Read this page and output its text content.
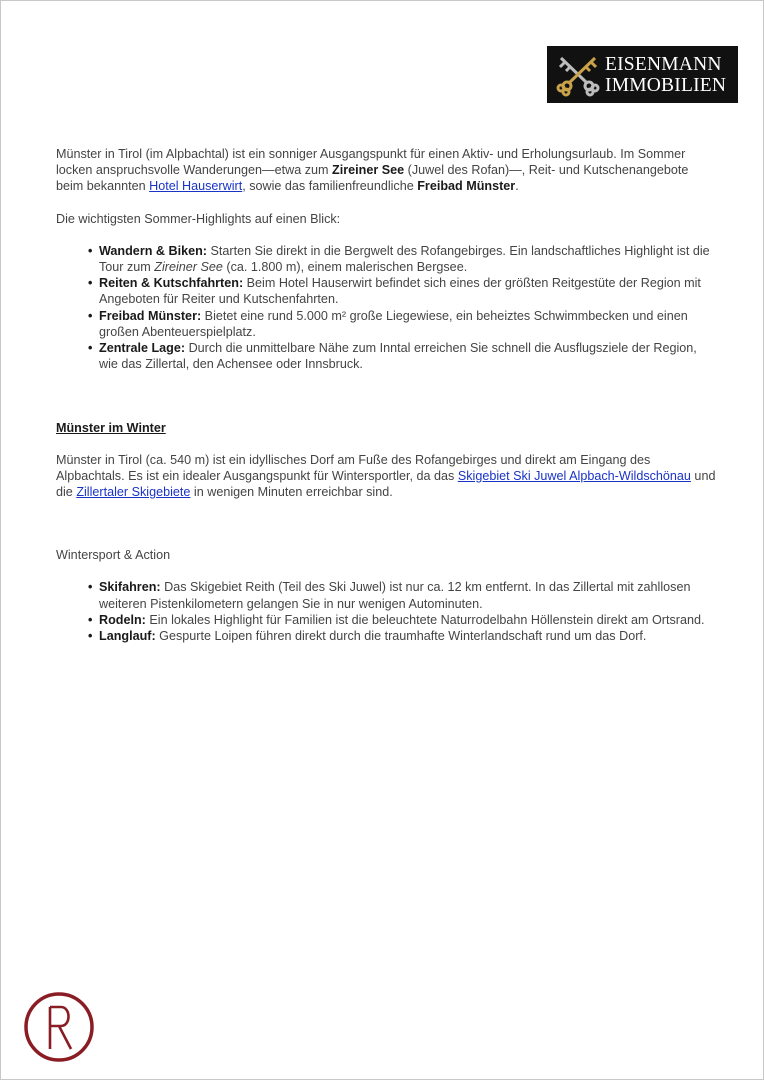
EISENMANN
IMMOBILIEN

Münster in Tirol (im Alpbachtal) ist ein sonniger Ausgangspunkt für einen Aktiv- und Erholungsurlaub. Im Sommer locken anspruchsvolle Wanderungen—etwa zum Zireiner See (Juwel des Rofan)—, Reit- und Kutschenangebote beim bekannten Hotel Hauserwirt, sowie das familienfreundliche Freibad Münster.

Die wichtigsten Sommer-Highlights auf einen Blick:

• Wandern & Biken: Starten Sie direkt in die Bergwelt des Rofangebirges. Ein landschaftliches Highlight ist die Tour zum Zireiner See (ca. 1.800 m), einem malerischen Bergsee.
• Reiten & Kutschfahrten: Beim Hotel Hauserwirt befindet sich eines der größten Reitgestüte der Region mit Angeboten für Reiter und Kutschenfahrten.
• Freibad Münster: Bietet eine rund 5.000 m² große Liegewiese, ein beheiztes Schwimmbecken und einen großen Abenteuerspielplatz.
• Zentrale Lage: Durch die unmittelbare Nähe zum Inntal erreichen Sie schnell die Ausflugsziele der Region, wie das Zillertal, den Achensee oder Innsbruck.
Münster im Winter

Münster in Tirol (ca. 540 m) ist ein idyllisches Dorf am Fuße des Rofangebirges und direkt am Eingang des Alpbachtals. Es ist ein idealer Ausgangspunkt für Wintersportler, da das Skigebiet Ski Juwel Alpbach-Wildschönau und die Zillertaler Skigebiete in wenigen Minuten erreichbar sind.

Wintersport & Action

• Skifahren: Das Skigebiet Reith (Teil des Ski Juwel) ist nur ca. 12 km entfernt. In das Zillertal mit zahllosen weiteren Pistenkilometern gelangen Sie in nur wenigen Autominuten.
• Rodeln: Ein lokales Highlight für Familien ist die beleuchtete Naturrodelbahn Höllenstein direkt am Ortsrand.
• Langlauf: Gespurte Loipen führen direkt durch die traumhafte Winterlandschaft rund um das Dorf.
